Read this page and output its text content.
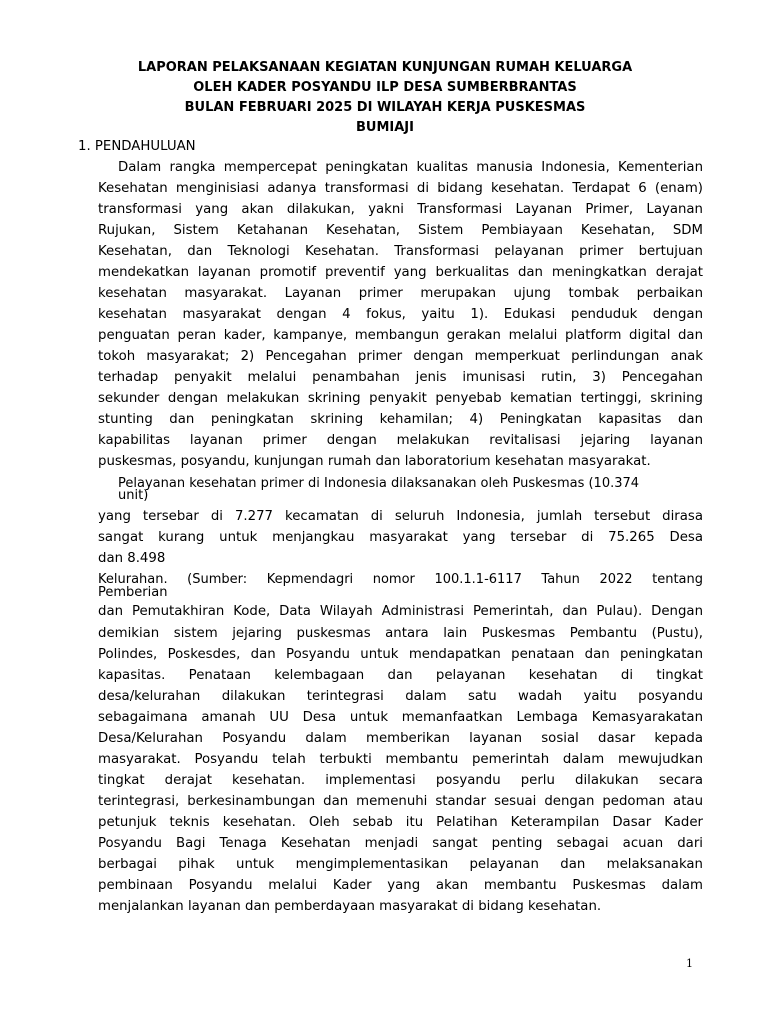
LAPORAN PELAKSANAAN KEGIATAN KUNJUNGAN RUMAH KELUARGA
OLEH KADER POSYANDU ILP DESA SUMBERBRANTAS
BULAN FEBRUARI 2025 DI WILAYAH KERJA PUSKESMAS
BUMIAJI
1. PENDAHULUAN
Dalam rangka mempercepat peningkatan kualitas manusia Indonesia, Kementerian
Kesehatan menginisiasi adanya transformasi di bidang kesehatan. Terdapat 6 (enam)
transformasi yang akan dilakukan, yakni Transformasi Layanan Primer, Layanan
Rujukan, Sistem Ketahanan Kesehatan, Sistem Pembiayaan Kesehatan, SDM
Kesehatan, dan Teknologi Kesehatan. Transformasi pelayanan primer bertujuan
mendekatkan layanan promotif preventif yang berkualitas dan meningkatkan derajat
kesehatan masyarakat. Layanan primer merupakan ujung tombak perbaikan
kesehatan masyarakat dengan 4 fokus, yaitu 1). Edukasi penduduk dengan
penguatan peran kader, kampanye, membangun gerakan melalui platform digital dan
tokoh masyarakat; 2) Pencegahan primer dengan memperkuat perlindungan anak
terhadap penyakit melalui penambahan jenis imunisasi rutin, 3) Pencegahan
sekunder dengan melakukan skrining penyakit penyebab kematian tertinggi, skrining
stunting dan peningkatan skrining kehamilan; 4) Peningkatan kapasitas dan
kapabilitas layanan primer dengan melakukan revitalisasi jejaring layanan
puskesmas, posyandu, kunjungan rumah dan laboratorium kesehatan masyarakat.
Pelayanan kesehatan primer di Indonesia dilaksanakan oleh Puskesmas (10.374
unit)
yang tersebar di 7.277 kecamatan di seluruh Indonesia, jumlah tersebut dirasa
sangat kurang untuk menjangkau masyarakat yang tersebar di 75.265 Desa
dan 8.498
Kelurahan. (Sumber: Kepmendagri nomor 100.1.1-6117 Tahun 2022 tentang
Pemberian
dan Pemutakhiran Kode, Data Wilayah Administrasi Pemerintah, dan Pulau). Dengan
demikian sistem jejaring puskesmas antara lain Puskesmas Pembantu (Pustu),
Polindes, Poskesdes, dan Posyandu untuk mendapatkan penataan dan peningkatan
kapasitas. Penataan kelembagaan dan pelayanan kesehatan di tingkat
desa/kelurahan dilakukan terintegrasi dalam satu wadah yaitu posyandu
sebagaimana amanah UU Desa untuk memanfaatkan Lembaga Kemasyarakatan
Desa/Kelurahan Posyandu dalam memberikan layanan sosial dasar kepada
masyarakat. Posyandu telah terbukti membantu pemerintah dalam mewujudkan
tingkat derajat kesehatan. implementasi posyandu perlu dilakukan secara
terintegrasi, berkesinambungan dan memenuhi standar sesuai dengan pedoman atau
petunjuk teknis kesehatan. Oleh sebab itu Pelatihan Keterampilan Dasar Kader
Posyandu Bagi Tenaga Kesehatan menjadi sangat penting sebagai acuan dari
berbagai pihak untuk mengimplementasikan pelayanan dan melaksanakan
pembinaan Posyandu melalui Kader yang akan membantu Puskesmas dalam
menjalankan layanan dan pemberdayaan masyarakat di bidang kesehatan.
1
